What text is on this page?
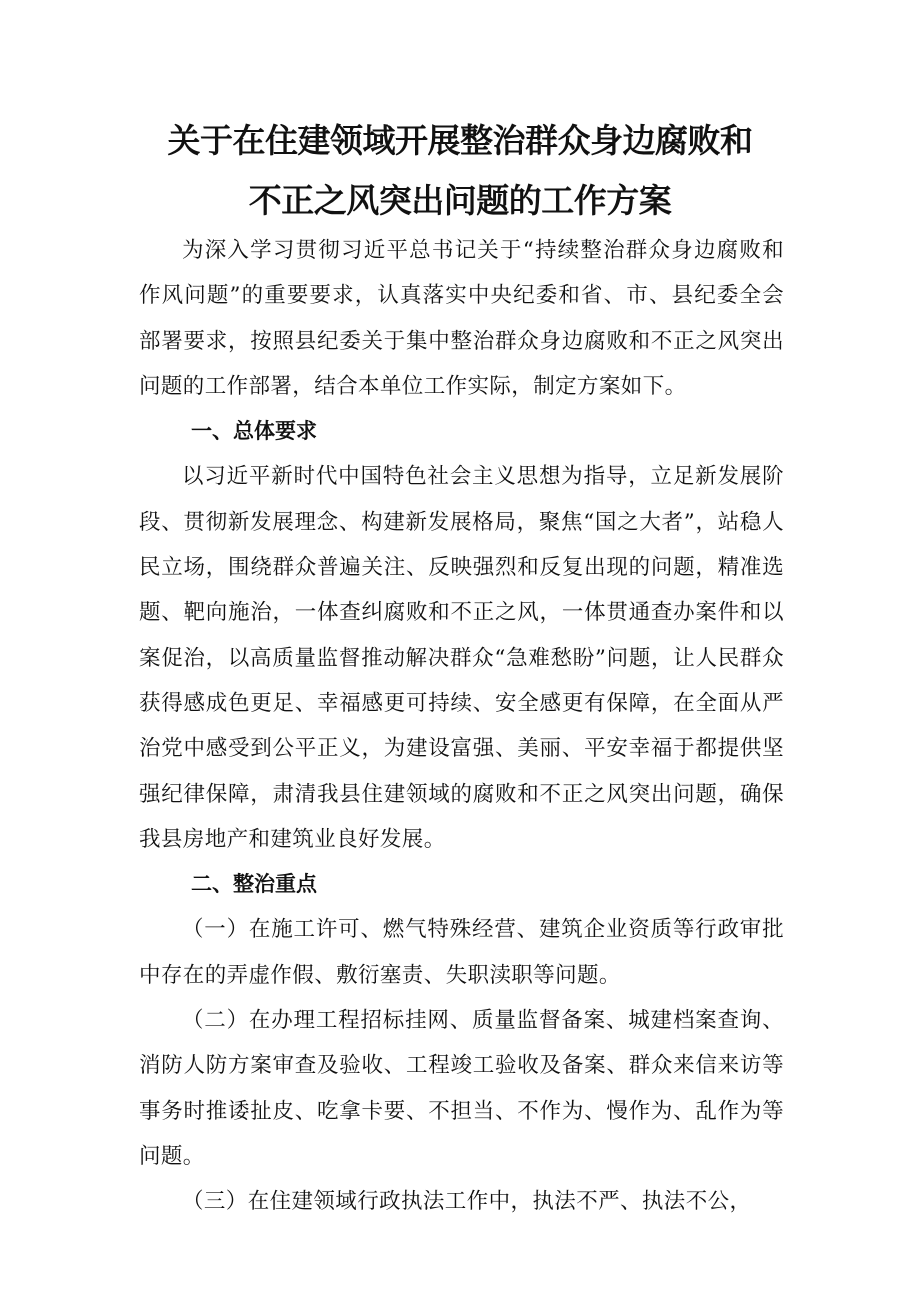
关于在住建领域开展整治群众身边腐败和
不正之风突出问题的工作方案

为深入学习贯彻习近平总书记关于“持续整治群众身边腐败和作风问题”的重要要求，认真落实中央纪委和省、市、县纪委全会部署要求，按照县纪委关于集中整治群众身边腐败和不正之风突出问题的工作部署，结合本单位工作实际，制定方案如下。

一、总体要求

以习近平新时代中国特色社会主义思想为指导，立足新发展阶段、贯彻新发展理念、构建新发展格局，聚焦“国之大者”，站稳人民立场，围绕群众普遍关注、反映强烈和反复出现的问题，精准选题、靶向施治，一体查纠腐败和不正之风，一体贯通查办案件和以案促治，以高质量监督推动解决群众“急难愁盼”问题，让人民群众获得感成色更足、幸福感更可持续、安全感更有保障，在全面从严治党中感受到公平正义，为建设富强、美丽、平安幸福于都提供坚强纪律保障，肃清我县住建领域的腐败和不正之风突出问题，确保我县房地产和建筑业良好发展。

二、整治重点

（一）在施工许可、燃气特殊经营、建筑企业资质等行政审批中存在的弄虚作假、敷衍塞责、失职渎职等问题。

（二）在办理工程招标挂网、质量监督备案、城建档案查询、消防人防方案审查及验收、工程竣工验收及备案、群众来信来访等事务时推诿扯皮、吃拿卡要、不担当、不作为、慢作为、乱作为等问题。

（三）在住建领域行政执法工作中，执法不严、执法不公，
